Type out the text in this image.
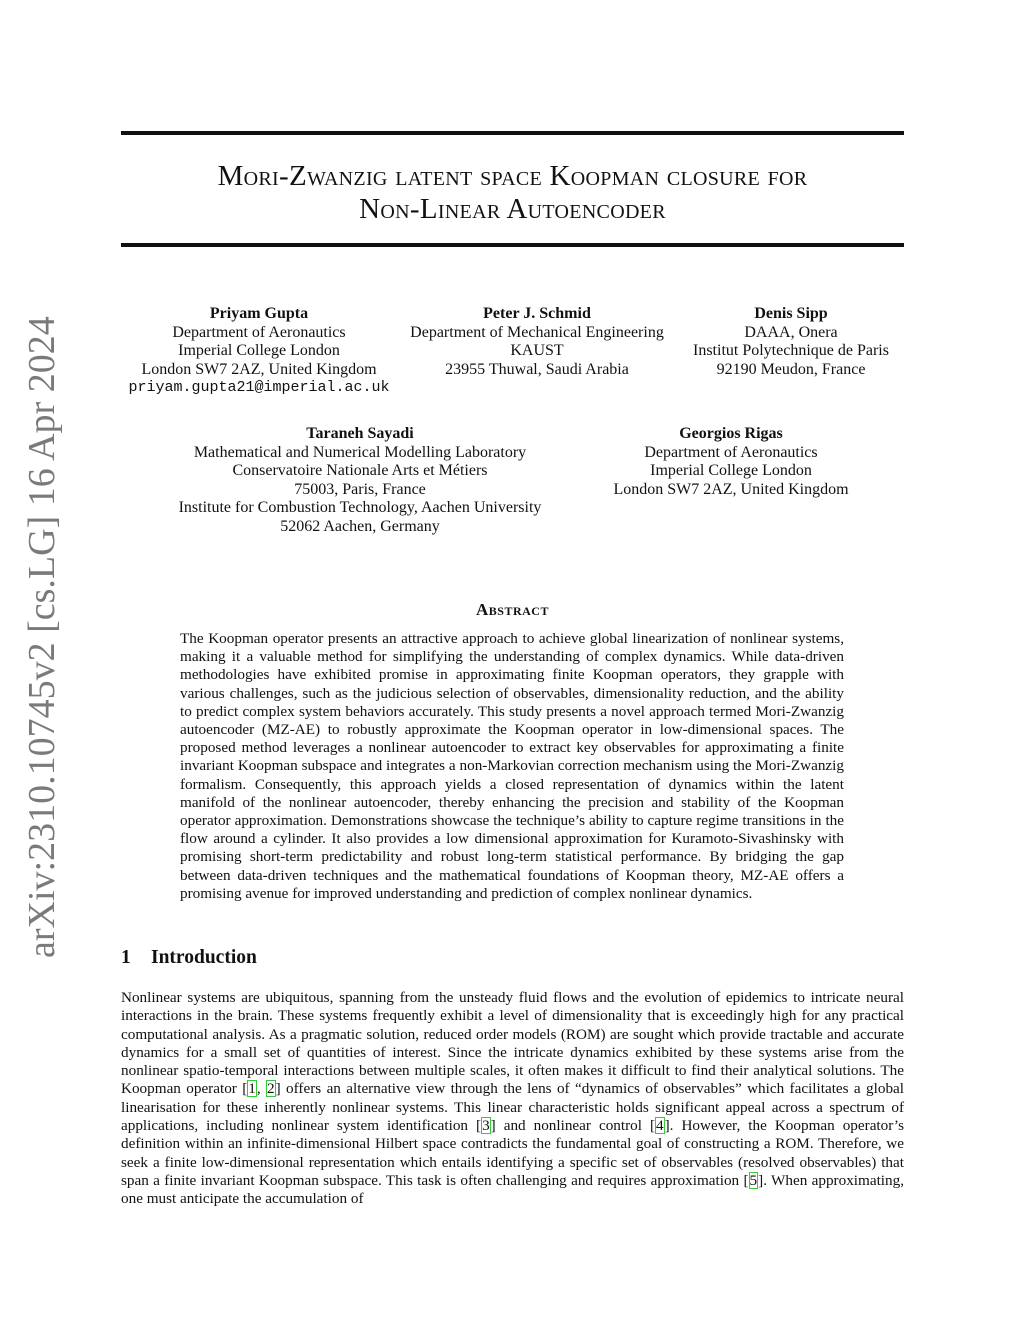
arXiv:2310.10745v2 [cs.LG] 16 Apr 2024
Mori-Zwanzig latent space Koopman closure for
Non-Linear Autoencoder
Priyam Gupta
Department of Aeronautics
Imperial College London
London SW7 2AZ, United Kingdom
priyam.gupta21@imperial.ac.uk
Peter J. Schmid
Department of Mechanical Engineering
KAUST
23955 Thuwal, Saudi Arabia
Denis Sipp
DAAA, Onera
Institut Polytechnique de Paris
92190 Meudon, France
Taraneh Sayadi
Mathematical and Numerical Modelling Laboratory
Conservatoire Nationale Arts et Métiers
75003, Paris, France
Institute for Combustion Technology, Aachen University
52062 Aachen, Germany
Georgios Rigas
Department of Aeronautics
Imperial College London
London SW7 2AZ, United Kingdom
Abstract
The Koopman operator presents an attractive approach to achieve global linearization of nonlinear systems, making it a valuable method for simplifying the understanding of complex dynamics. While data-driven methodologies have exhibited promise in approximating finite Koopman operators, they grapple with various challenges, such as the judicious selection of observables, dimensionality reduction, and the ability to predict complex system behaviors accurately. This study presents a novel approach termed Mori-Zwanzig autoencoder (MZ-AE) to robustly approximate the Koopman operator in low-dimensional spaces. The proposed method leverages a nonlinear autoencoder to extract key observables for approximating a finite invariant Koopman subspace and integrates a non-Markovian correction mechanism using the Mori-Zwanzig formalism. Consequently, this approach yields a closed representation of dynamics within the latent manifold of the nonlinear autoencoder, thereby enhancing the precision and stability of the Koopman operator approximation. Demonstrations showcase the technique’s ability to capture regime transitions in the flow around a cylinder. It also provides a low dimensional approximation for Kuramoto-Sivashinsky with promising short-term predictability and robust long-term statistical performance. By bridging the gap between data-driven techniques and the mathematical foundations of Koopman theory, MZ-AE offers a promising avenue for improved understanding and prediction of complex nonlinear dynamics.
1 Introduction
Nonlinear systems are ubiquitous, spanning from the unsteady fluid flows and the evolution of epidemics to intricate neural interactions in the brain. These systems frequently exhibit a level of dimensionality that is exceedingly high for any practical computational analysis. As a pragmatic solution, reduced order models (ROM) are sought which provide tractable and accurate dynamics for a small set of quantities of interest. Since the intricate dynamics exhibited by these systems arise from the nonlinear spatio-temporal interactions between multiple scales, it often makes it difficult to find their analytical solutions. The Koopman operator [1, 2] offers an alternative view through the lens of “dynamics of observables” which facilitates a global linearisation for these inherently nonlinear systems. This linear characteristic holds significant appeal across a spectrum of applications, including nonlinear system identification [3] and nonlinear control [4]. However, the Koopman operator’s definition within an infinite-dimensional Hilbert space contradicts the fundamental goal of constructing a ROM. Therefore, we seek a finite low-dimensional representation which entails identifying a specific set of observables (resolved observables) that span a finite invariant Koopman subspace. This task is often challenging and requires approximation [5]. When approximating, one must anticipate the accumulation of
